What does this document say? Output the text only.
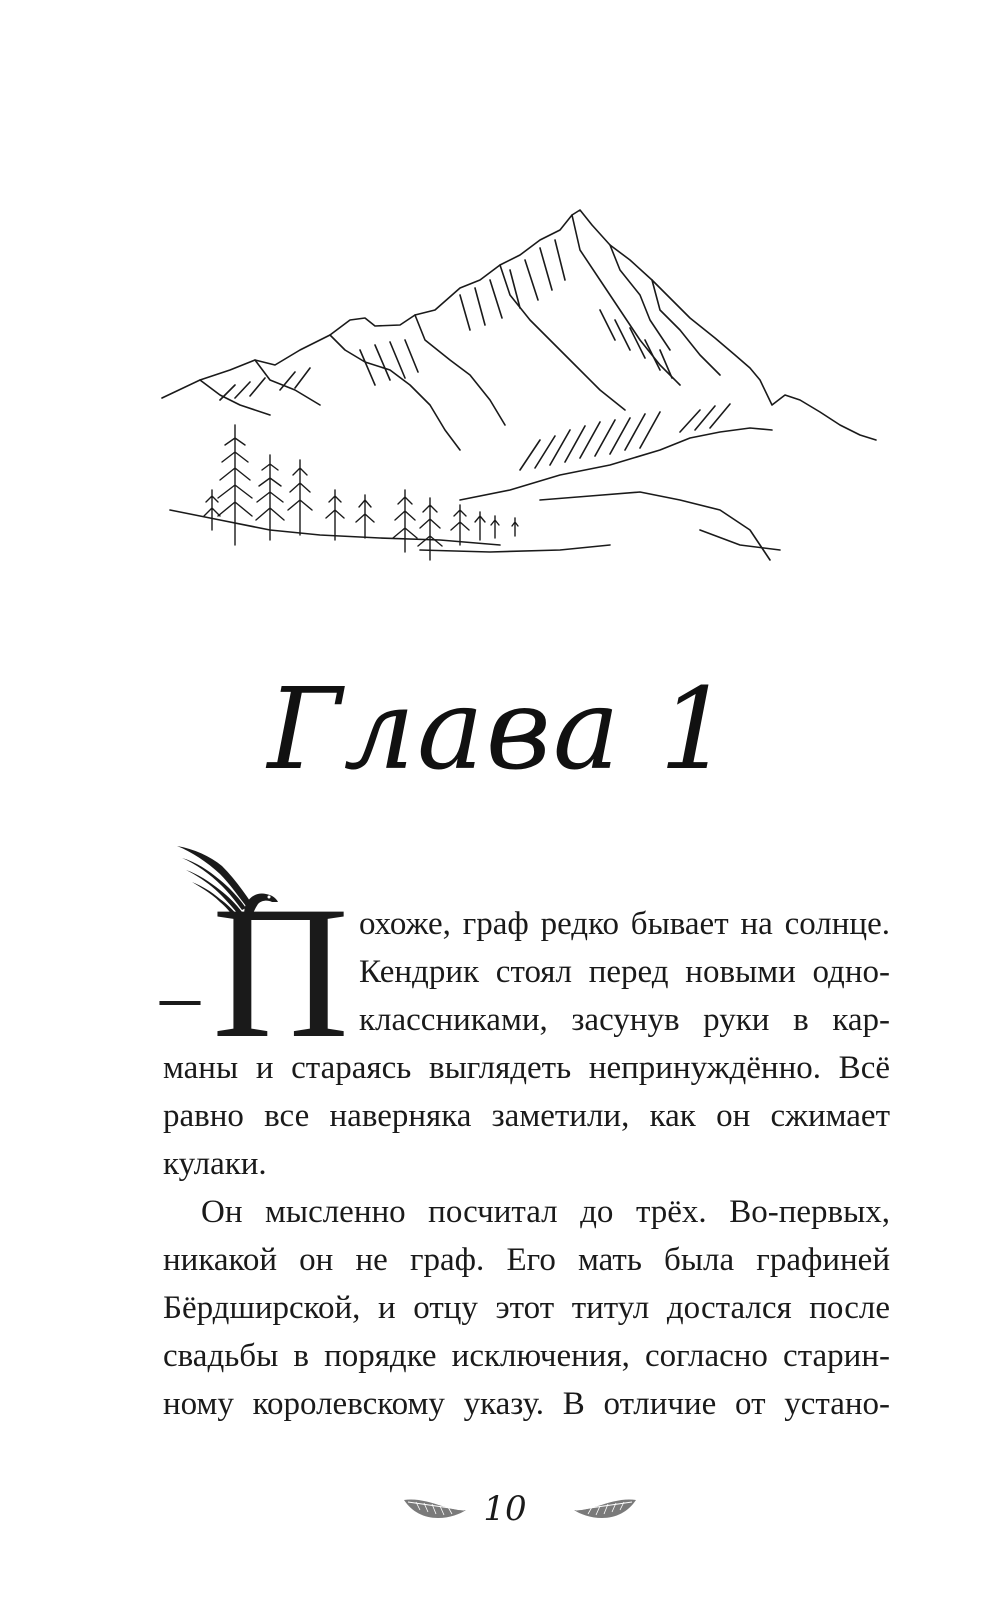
Глава 1
– П охоже, граф редко бывает на солнце.
Кендрик стоял перед новыми одно-
классниками, засунув руки в кар-
маны и стараясь выглядеть непринуждённо. Всё
равно все наверняка заметили, как он сжимает
кулаки.
Он мысленно посчитал до трёх. Во-первых,
никакой он не граф. Его мать была графиней
Бёрдширской, и отцу этот титул достался после
свадьбы в порядке исключения, согласно старин-
ному королевскому указу. В отличие от устано-
10
